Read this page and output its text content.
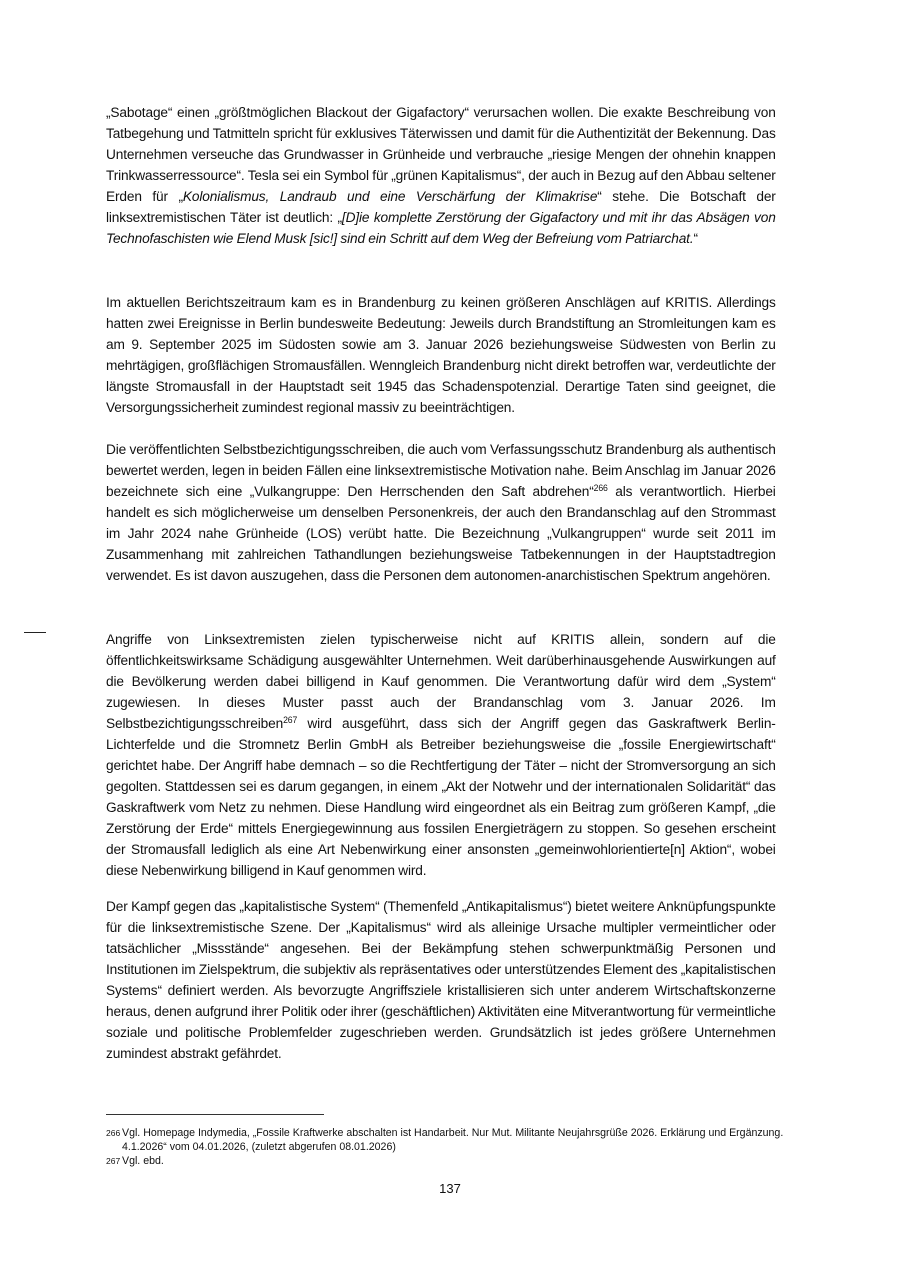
„Sabotage“ einen „größtmöglichen Blackout der Gigafactory“ verursachen wollen. Die exakte Beschreibung von Tatbegehung und Tatmitteln spricht für exklusives Täterwissen und damit für die Authentizität der Bekennung. Das Unternehmen verseuche das Grundwasser in Grünheide und verbrauche „riesige Mengen der ohnehin knappen Trinkwasserressource“. Tesla sei ein Symbol für „grünen Kapitalismus“, der auch in Bezug auf den Abbau seltener Erden für „Kolonialismus, Landraub und eine Verschärfung der Klimakrise“ stehe. Die Botschaft der linksextremistischen Täter ist deutlich: „[D]ie komplette Zerstörung der Gigafactory und mit ihr das Absägen von Technofaschisten wie Elend Musk [sic!] sind ein Schritt auf dem Weg der Befreiung vom Patriarchat.“

Im aktuellen Berichtszeitraum kam es in Brandenburg zu keinen größeren Anschlägen auf KRITIS. Allerdings hatten zwei Ereignisse in Berlin bundesweite Bedeutung: Jeweils durch Brandstiftung an Stromleitungen kam es am 9. September 2025 im Südosten sowie am 3. Januar 2026 beziehungsweise Südwesten von Berlin zu mehrtägigen, großflächigen Stromausfällen. Wenngleich Brandenburg nicht direkt betroffen war, verdeutlichte der längste Stromausfall in der Hauptstadt seit 1945 das Schadenspotenzial. Derartige Taten sind geeignet, die Versorgungssicherheit zumindest regional massiv zu beeinträchtigen.

Die veröffentlichten Selbstbezichtigungsschreiben, die auch vom Verfassungsschutz Brandenburg als authentisch bewertet werden, legen in beiden Fällen eine linksextremistische Motivation nahe. Beim Anschlag im Januar 2026 bezeichnete sich eine „Vulkangruppe: Den Herrschenden den Saft abdrehen“$^{266}$ als verantwortlich. Hierbei handelt es sich möglicherweise um denselben Personenkreis, der auch den Brandanschlag auf den Strommast im Jahr 2024 nahe Grünheide (LOS) verübt hatte. Die Bezeichnung „Vulkangruppen“ wurde seit 2011 im Zusammenhang mit zahlreichen Tathandlungen beziehungsweise Tatbekennungen in der Hauptstadtregion verwendet. Es ist davon auszugehen, dass die Personen dem autonomen-anarchistischen Spektrum angehören.

Angriffe von Linksextremisten zielen typischerweise nicht auf KRITIS allein, sondern auf die öffentlichkeitswirksame Schädigung ausgewählter Unternehmen. Weit darüberhinausgehende Auswirkungen auf die Bevölkerung werden dabei billigend in Kauf genommen. Die Verantwortung dafür wird dem „System“ zugewiesen. In dieses Muster passt auch der Brandanschlag vom 3. Januar 2026. Im Selbstbezichtigungsschreiben$^{267}$ wird ausgeführt, dass sich der Angriff gegen das Gaskraftwerk Berlin-Lichterfelde und die Stromnetz Berlin GmbH als Betreiber beziehungsweise die „fossile Energiewirtschaft“ gerichtet habe. Der Angriff habe demnach – so die Rechtfertigung der Täter – nicht der Stromversorgung an sich gegolten. Stattdessen sei es darum gegangen, in einem „Akt der Notwehr und der internationalen Solidarität“ das Gaskraftwerk vom Netz zu nehmen. Diese Handlung wird eingeordnet als ein Beitrag zum größeren Kampf, „die Zerstörung der Erde“ mittels Energiegewinnung aus fossilen Energieträgern zu stoppen. So gesehen erscheint der Stromausfall lediglich als eine Art Nebenwirkung einer ansonsten „gemeinwohlorientierte[n] Aktion“, wobei diese Nebenwirkung billigend in Kauf genommen wird.

Der Kampf gegen das „kapitalistische System“ (Themenfeld „Antikapitalismus“) bietet weitere Anknüpfungspunkte für die linksextremistische Szene. Der „Kapitalismus“ wird als alleinige Ursache multipler vermeintlicher oder tatsächlicher „Missstände“ angesehen. Bei der Bekämpfung stehen schwerpunktmäßig Personen und Institutionen im Zielspektrum, die subjektiv als repräsentatives oder unterstützendes Element des „kapitalistischen Systems“ definiert werden. Als bevorzugte Angriffsziele kristallisieren sich unter anderem Wirtschaftskonzerne heraus, denen aufgrund ihrer Politik oder ihrer (geschäftlichen) Aktivitäten eine Mitverantwortung für vermeintliche soziale und politische Problemfelder zugeschrieben werden. Grundsätzlich ist jedes größere Unternehmen zumindest abstrakt gefährdet.

266 Vgl. Homepage Indymedia, „Fossile Kraftwerke abschalten ist Handarbeit. Nur Mut. Militante Neujahrsgrüße 2026. Erklärung und Ergänzung. 4.1.2026“ vom 04.01.2026, (zuletzt abgerufen 08.01.2026)
267 Vgl. ebd.
137
